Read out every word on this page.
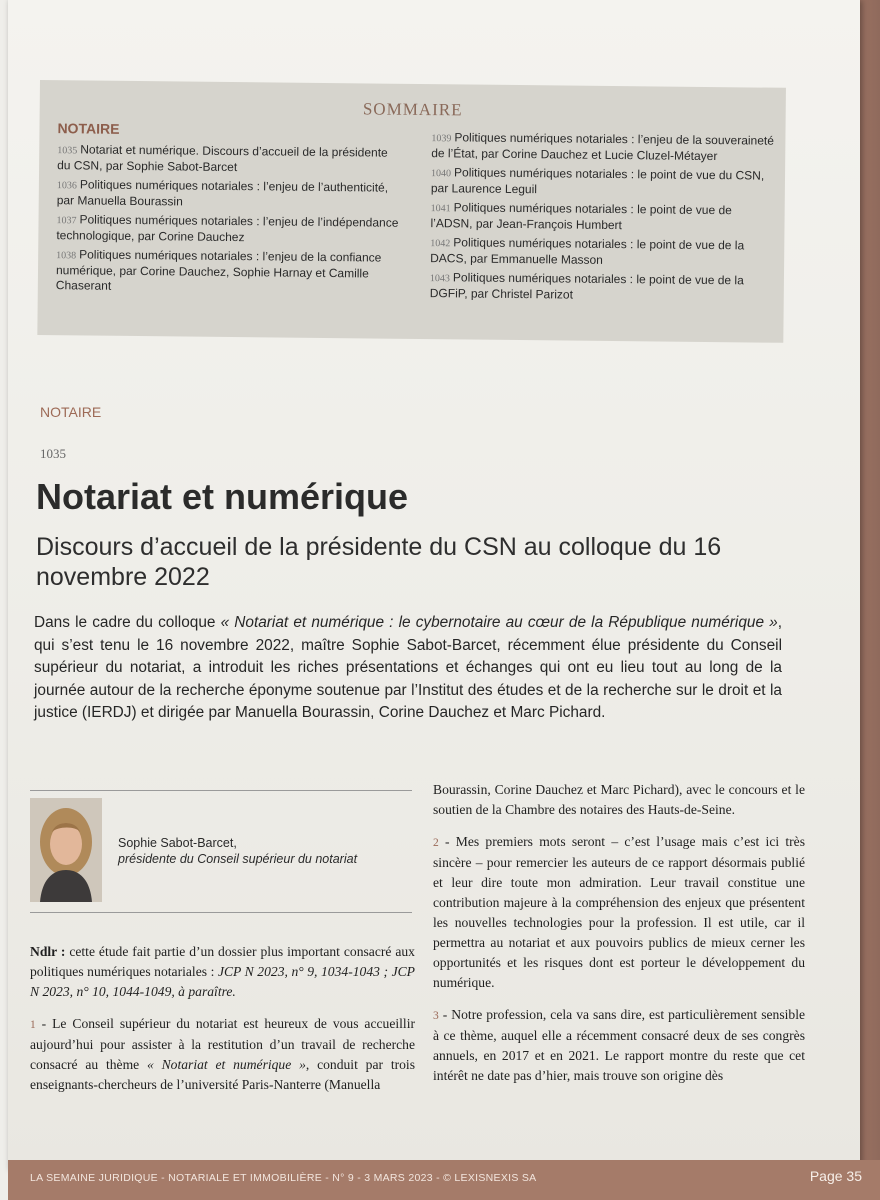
SOMMAIRE
NOTAIRE
1035 Notariat et numérique. Discours d’accueil de la présidente du CSN, par Sophie Sabot-Barcet
1036 Politiques numériques notariales : l’enjeu de l’authenticité, par Manuella Bourassin
1037 Politiques numériques notariales : l’enjeu de l’indépendance technologique, par Corine Dauchez
1038 Politiques numériques notariales : l’enjeu de la confiance numérique, par Corine Dauchez, Sophie Harnay et Camille Chaserant
1039 Politiques numériques notariales : l’enjeu de la souveraineté de l’État, par Corine Dauchez et Lucie Cluzel-Métayer
1040 Politiques numériques notariales : le point de vue du CSN, par Laurence Leguil
1041 Politiques numériques notariales : le point de vue de l’ADSN, par Jean-François Humbert
1042 Politiques numériques notariales : le point de vue de la DACS, par Emmanuelle Masson
1043 Politiques numériques notariales : le point de vue de la DGFiP, par Christel Parizot
NOTAIRE
1035
Notariat et numérique
Discours d’accueil de la présidente du CSN au colloque du 16 novembre 2022
Dans le cadre du colloque « Notariat et numérique : le cybernotaire au cœur de la République numérique », qui s’est tenu le 16 novembre 2022, maître Sophie Sabot-Barcet, récemment élue présidente du Conseil supérieur du notariat, a introduit les riches présentations et échanges qui ont eu lieu tout au long de la journée autour de la recherche éponyme soutenue par l’Institut des études et de la recherche sur le droit et la justice (IERDJ) et dirigée par Manuella Bourassin, Corine Dauchez et Marc Pichard.
Sophie Sabot-Barcet,
présidente du Conseil supérieur du notariat

Ndlr : cette étude fait partie d’un dossier plus important consacré aux politiques numériques notariales : JCP N 2023, n° 9, 1034-1043 ; JCP N 2023, n° 10, 1044-1049, à paraître.

1 - Le Conseil supérieur du notariat est heureux de vous accueillir aujourd’hui pour assister à la restitution d’un travail de recherche consacré au thème « Notariat et numérique », conduit par trois enseignants-chercheurs de l’université Paris-Nanterre (Manuella

Bourassin, Corine Dauchez et Marc Pichard), avec le concours et le soutien de la Chambre des notaires des Hauts-de-Seine.

2 - Mes premiers mots seront – c’est l’usage mais c’est ici très sincère – pour remercier les auteurs de ce rapport désormais publié et leur dire toute mon admiration. Leur travail constitue une contribution majeure à la compréhension des enjeux que présentent les nouvelles technologies pour la profession. Il est utile, car il permettra au notariat et aux pouvoirs publics de mieux cerner les opportunités et les risques dont est porteur le développement du numérique.

3 - Notre profession, cela va sans dire, est particulièrement sensible à ce thème, auquel elle a récemment consacré deux de ses congrès annuels, en 2017 et en 2021. Le rapport montre du reste que cet intérêt ne date pas d’hier, mais trouve son origine dès

LA SEMAINE JURIDIQUE - NOTARIALE ET IMMOBILIÈRE - N° 9 - 3 MARS 2023 - © LEXISNEXIS SA	Page 35
